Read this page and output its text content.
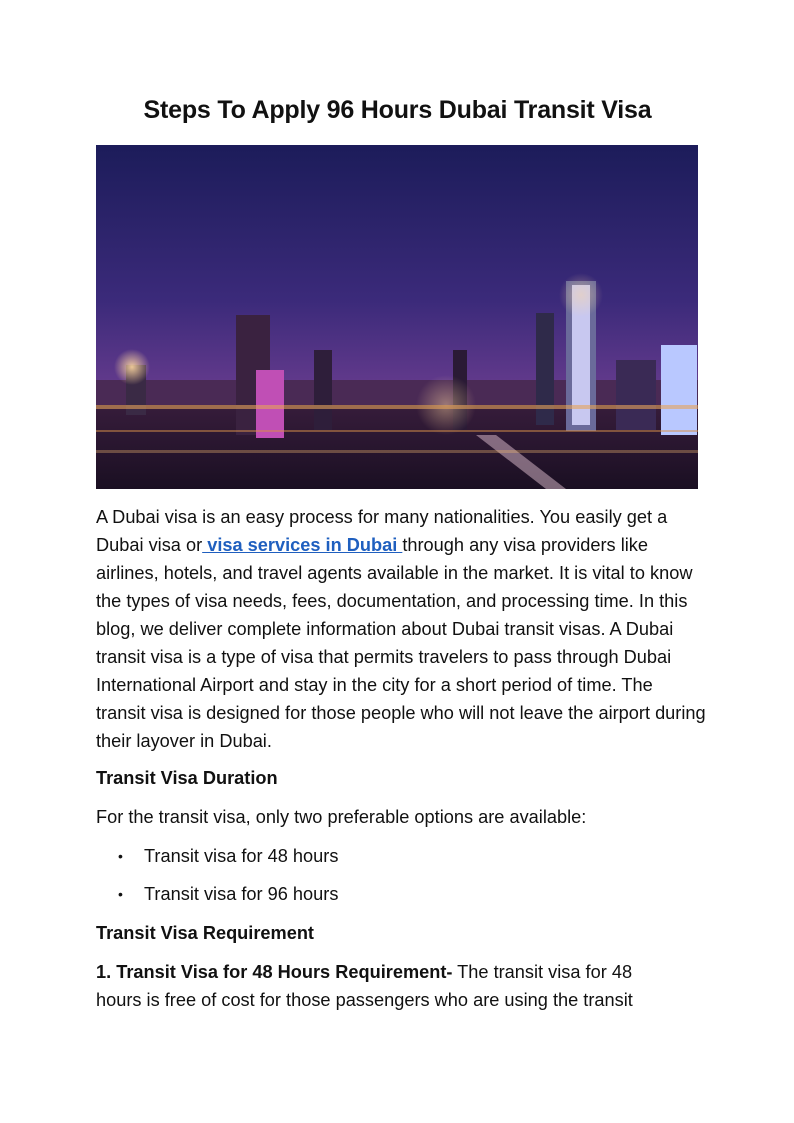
Steps To Apply 96 Hours Dubai Transit Visa

A Dubai visa is an easy process for many nationalities. You easily get a Dubai visa or visa services in Dubai through any visa providers like airlines, hotels, and travel agents available in the market. It is vital to know the types of visa needs, fees, documentation, and processing time. In this blog, we deliver complete information about Dubai transit visas. A Dubai transit visa is a type of visa that permits travelers to pass through Dubai International Airport and stay in the city for a short period of time. The transit visa is designed for those people who will not leave the airport during their layover in Dubai.

Transit Visa Duration
For the transit visa, only two preferable options are available:
• Transit visa for 48 hours
• Transit visa for 96 hours
Transit Visa Requirement
1. Transit Visa for 48 Hours Requirement- The transit visa for 48
hours is free of cost for those passengers who are using the transit
